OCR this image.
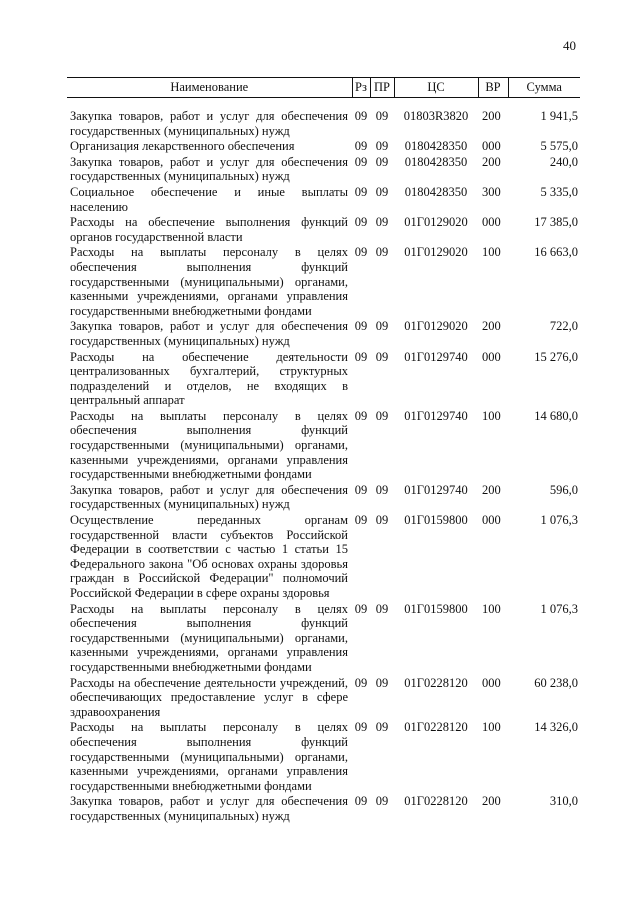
40
Наименование	Рз	ПР	ЦС	ВР	Сумма

Закупка товаров, работ и услуг для обеспечения государственных (муниципальных) нужд	09	09	01803R3820	200	1 941,5
Организация лекарственного обеспечения	09	09	0180428350	000	5 575,0
Закупка товаров, работ и услуг для обеспечения государственных (муниципальных) нужд	09	09	0180428350	200	240,0
Социальное обеспечение и иные выплаты населению	09	09	0180428350	300	5 335,0
Расходы на обеспечение выполнения функций органов государственной власти	09	09	01Г0129020	000	17 385,0
Расходы на выплаты персоналу в целях обеспечения выполнения функций государственными (муниципальными) органами, казенными учреждениями, органами управления государственными внебюджетными фондами	09	09	01Г0129020	100	16 663,0
Закупка товаров, работ и услуг для обеспечения государственных (муниципальных) нужд	09	09	01Г0129020	200	722,0
Расходы на обеспечение деятельности централизованных бухгалтерий, структурных подразделений и отделов, не входящих в центральный аппарат	09	09	01Г0129740	000	15 276,0
Расходы на выплаты персоналу в целях обеспечения выполнения функций государственными (муниципальными) органами, казенными учреждениями, органами управления государственными внебюджетными фондами	09	09	01Г0129740	100	14 680,0
Закупка товаров, работ и услуг для обеспечения государственных (муниципальных) нужд	09	09	01Г0129740	200	596,0
Осуществление переданных органам государственной власти субъектов Российской Федерации в соответствии с частью 1 статьи 15 Федерального закона "Об основах охраны здоровья граждан в Российской Федерации" полномочий Российской Федерации в сфере охраны здоровья	09	09	01Г0159800	000	1 076,3
Расходы на выплаты персоналу в целях обеспечения выполнения функций государственными (муниципальными) органами, казенными учреждениями, органами управления государственными внебюджетными фондами	09	09	01Г0159800	100	1 076,3
Расходы на обеспечение деятельности учреждений, обеспечивающих предоставление услуг в сфере здравоохранения	09	09	01Г0228120	000	60 238,0
Расходы на выплаты персоналу в целях обеспечения выполнения функций государственными (муниципальными) органами, казенными учреждениями, органами управления государственными внебюджетными фондами	09	09	01Г0228120	100	14 326,0
Закупка товаров, работ и услуг для обеспечения государственных (муниципальных) нужд	09	09	01Г0228120	200	310,0
